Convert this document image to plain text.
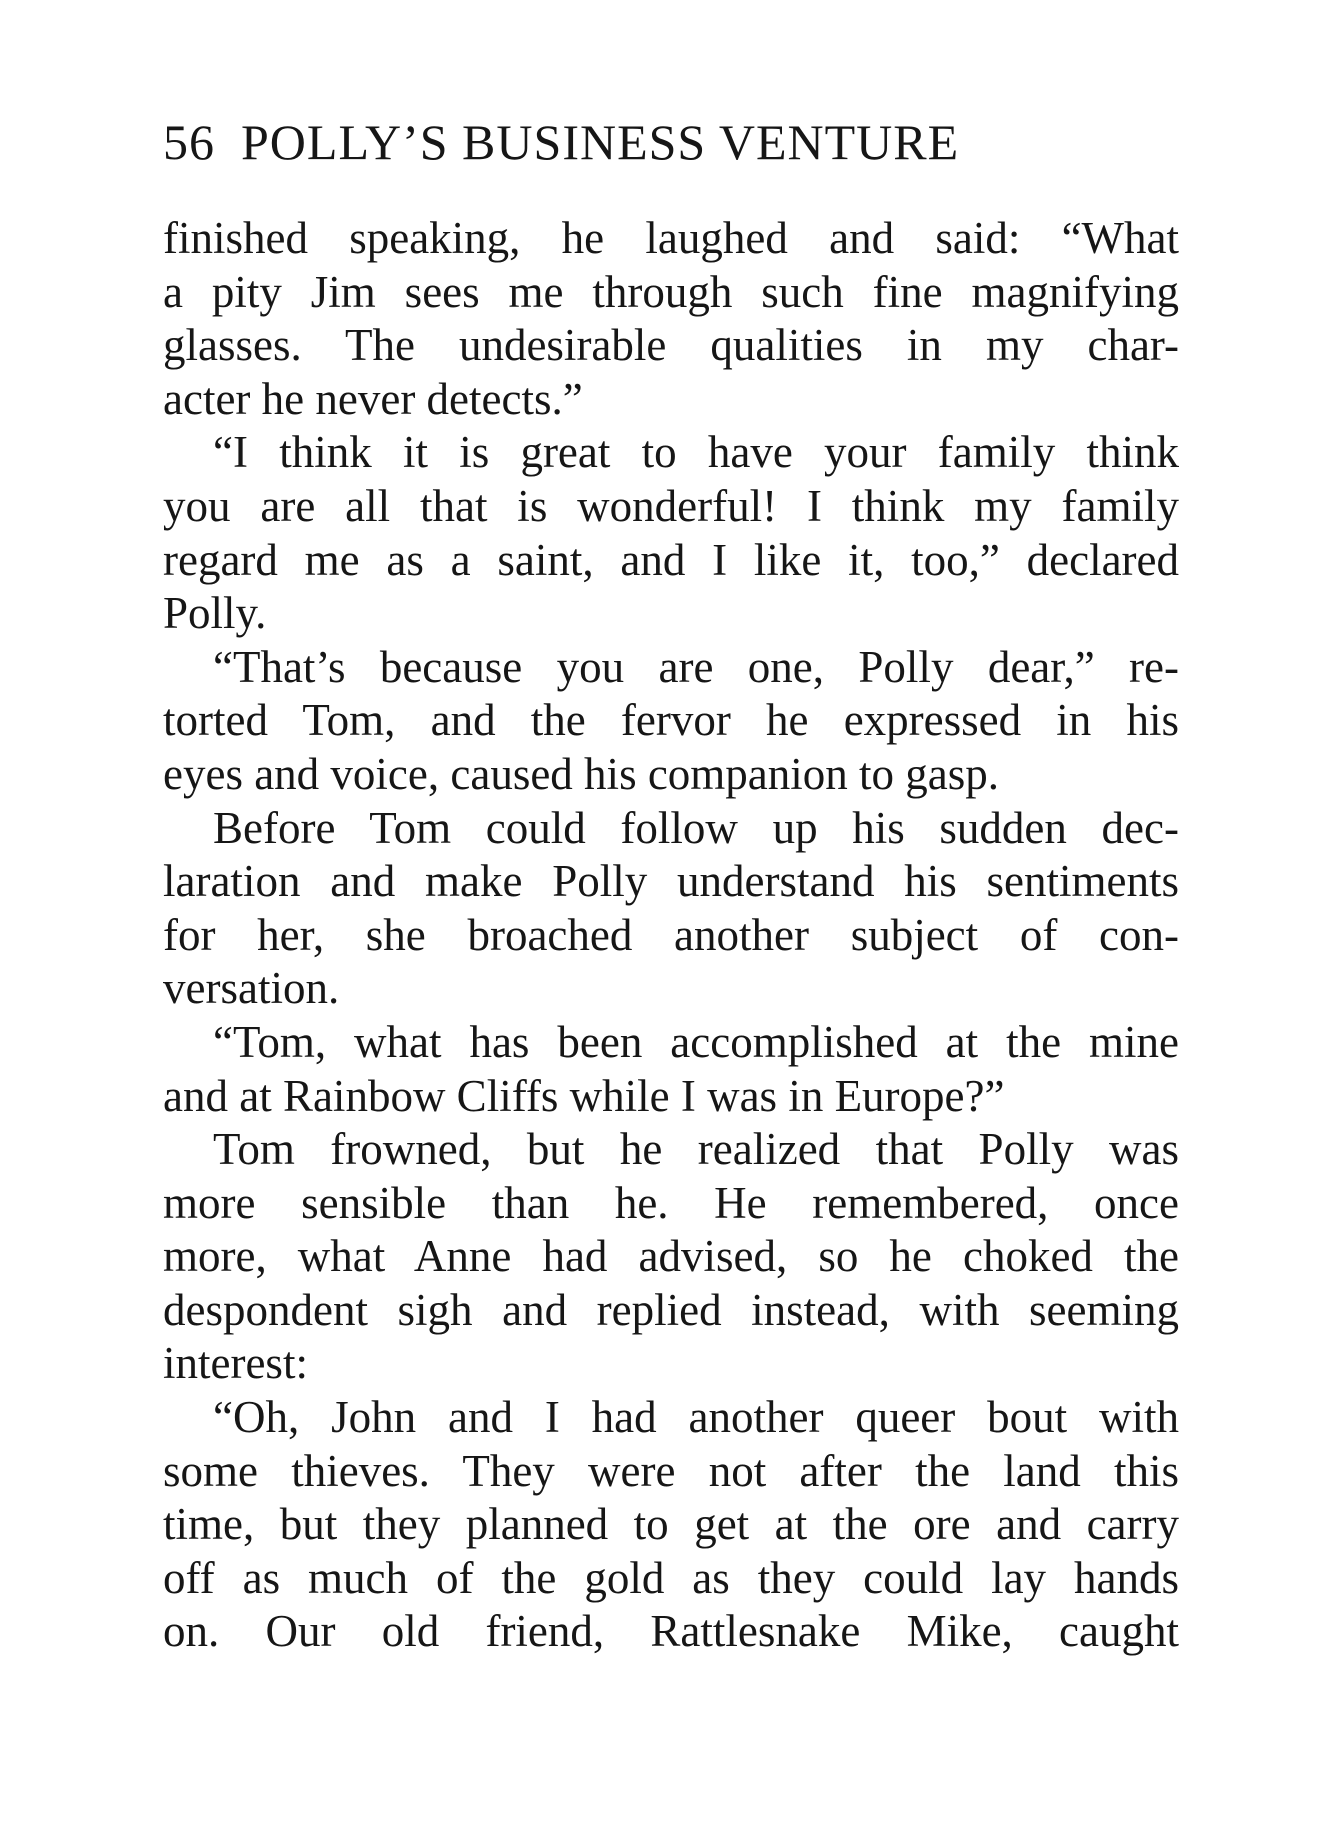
56 POLLY’S BUSINESS VENTURE
finished speaking, he laughed and said: “What
a pity Jim sees me through such fine magnifying
glasses. The undesirable qualities in my char-
acter he never detects.”
“I think it is great to have your family think
you are all that is wonderful! I think my family
regard me as a saint, and I like it, too,” declared
Polly.
“That’s because you are one, Polly dear,” re-
torted Tom, and the fervor he expressed in his
eyes and voice, caused his companion to gasp.
Before Tom could follow up his sudden dec-
laration and make Polly understand his sentiments
for her, she broached another subject of con-
versation.
“Tom, what has been accomplished at the mine
and at Rainbow Cliffs while I was in Europe?”
Tom frowned, but he realized that Polly was
more sensible than he. He remembered, once
more, what Anne had advised, so he choked the
despondent sigh and replied instead, with seeming
interest:
“Oh, John and I had another queer bout with
some thieves. They were not after the land this
time, but they planned to get at the ore and carry
off as much of the gold as they could lay hands
on. Our old friend, Rattlesnake Mike, caught
